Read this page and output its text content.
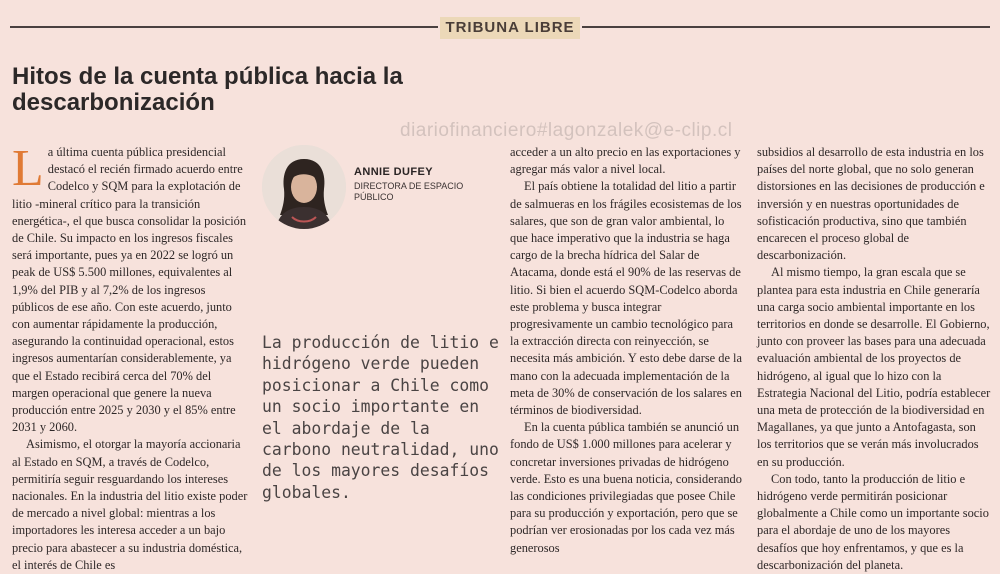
TRIBUNA LIBRE
Hitos de la cuenta pública hacia la descarbonización
diariofinanciero#lagonzalek@e-clip.cl

La última cuenta pública presidencial destacó el recién firmado acuerdo entre Codelco y SQM para la explotación de litio -mineral crítico para la transición energética-, el que busca consolidar la posición de Chile. Su impacto en los ingresos fiscales será importante, pues ya en 2022 se logró un peak de US$ 5.500 millones, equivalentes al 1,9% del PIB y al 7,2% de los ingresos públicos de ese año. Con este acuerdo, junto con aumentar rápidamente la producción, asegurando la continuidad operacional, estos ingresos aumentarían considerablemente, ya que el Estado recibirá cerca del 70% del margen operacional que genere la nueva producción entre 2025 y 2030 y el 85% entre 2031 y 2060.

Asimismo, el otorgar la mayoría accionaria al Estado en SQM, a través de Codelco, permitiría seguir resguardando los intereses nacionales. En la industria del litio existe poder de mercado a nivel global: mientras a los importadores les interesa acceder a un bajo precio para abastecer a su industria doméstica, el interés de Chile es

ANNIE DUFEY
DIRECTORA DE ESPACIO PÚBLICO

La producción de litio e hidrógeno verde pueden posicionar a Chile como un socio importante en el abordaje de la carbono neutralidad, uno de los mayores desafíos globales.

acceder a un alto precio en las exportaciones y agregar más valor a nivel local.

El país obtiene la totalidad del litio a partir de salmueras en los frágiles ecosistemas de los salares, que son de gran valor ambiental, lo que hace imperativo que la industria se haga cargo de la brecha hídrica del Salar de Atacama, donde está el 90% de las reservas de litio. Si bien el acuerdo SQM-Codelco aborda este problema y busca integrar progresivamente un cambio tecnológico para la extracción directa con reinyección, se necesita más ambición. Y esto debe darse de la mano con la adecuada implementación de la meta de 30% de conservación de los salares en términos de biodiversidad.

En la cuenta pública también se anunció un fondo de US$ 1.000 millones para acelerar y concretar inversiones privadas de hidrógeno verde. Esto es una buena noticia, considerando las condiciones privilegiadas que posee Chile para su producción y exportación, pero que se podrían ver erosionadas por los cada vez más generosos

subsidios al desarrollo de esta industria en los países del norte global, que no solo generan distorsiones en las decisiones de producción e inversión y en nuestras oportunidades de sofisticación productiva, sino que también encarecen el proceso global de descarbonización.

Al mismo tiempo, la gran escala que se plantea para esta industria en Chile generaría una carga socio ambiental importante en los territorios en donde se desarrolle. El Gobierno, junto con proveer las bases para una adecuada evaluación ambiental de los proyectos de hidrógeno, al igual que lo hizo con la Estrategia Nacional del Litio, podría establecer una meta de protección de la biodiversidad en Magallanes, ya que junto a Antofagasta, son los territorios que se verán más involucrados en su producción.

Con todo, tanto la producción de litio e hidrógeno verde permitirán posicionar globalmente a Chile como un importante socio para el abordaje de uno de los mayores desafíos que hoy enfrentamos, y que es la descarbonización del planeta.
